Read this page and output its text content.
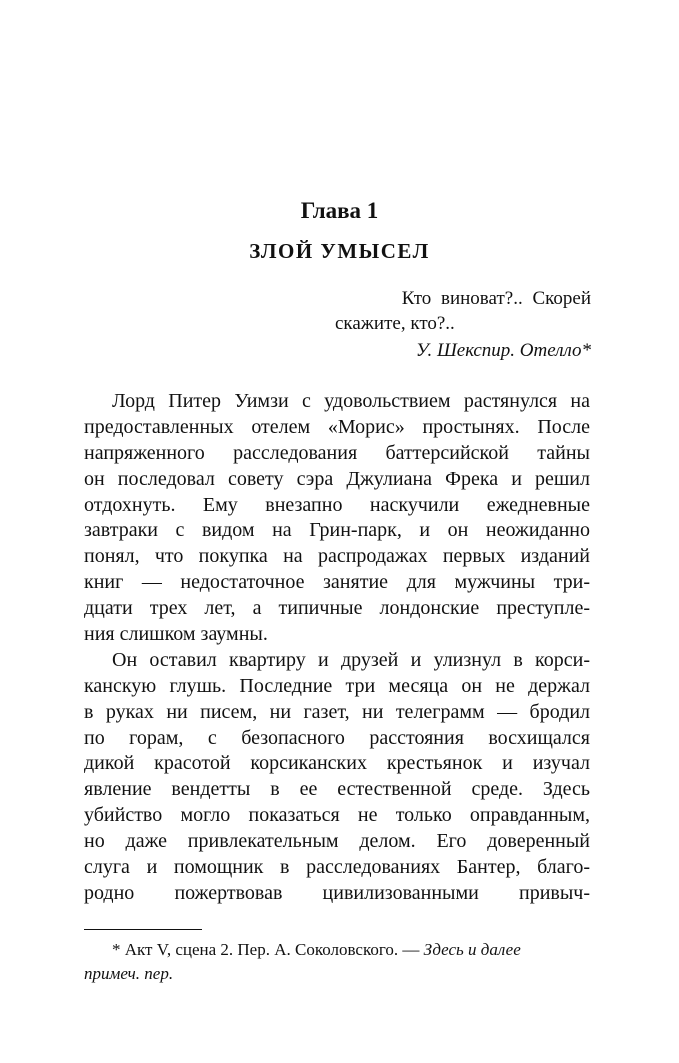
Глава 1
ЗЛОЙ УМЫСЕЛ
Кто виноват?.. Скорей
скажите, кто?..
У. Шекспир. Отелло*
Лорд Питер Уимзи с удовольствием растянулся на
предоставленных отелем «Морис» простынях. После
напряженного расследования баттерсийской тайны
он последовал совету сэра Джулиана Фрека и решил
отдохнуть. Ему внезапно наскучили ежедневные
завтраки с видом на Грин-парк, и он неожиданно
понял, что покупка на распродажах первых изданий
книг — недостаточное занятие для мужчины три-
дцати трех лет, а типичные лондонские преступле-
ния слишком заумны.
Он оставил квартиру и друзей и улизнул в корси-
канскую глушь. Последние три месяца он не держал
в руках ни писем, ни газет, ни телеграмм — бродил
по горам, с безопасного расстояния восхищался
дикой красотой корсиканских крестьянок и изучал
явление вендетты в ее естественной среде. Здесь
убийство могло показаться не только оправданным,
но даже привлекательным делом. Его доверенный
слуга и помощник в расследованиях Бантер, благо-
родно пожертвовав цивилизованными привыч-
* Акт V, сцена 2. Пер. А. Соколовского. — Здесь и далее
примеч. пер.
